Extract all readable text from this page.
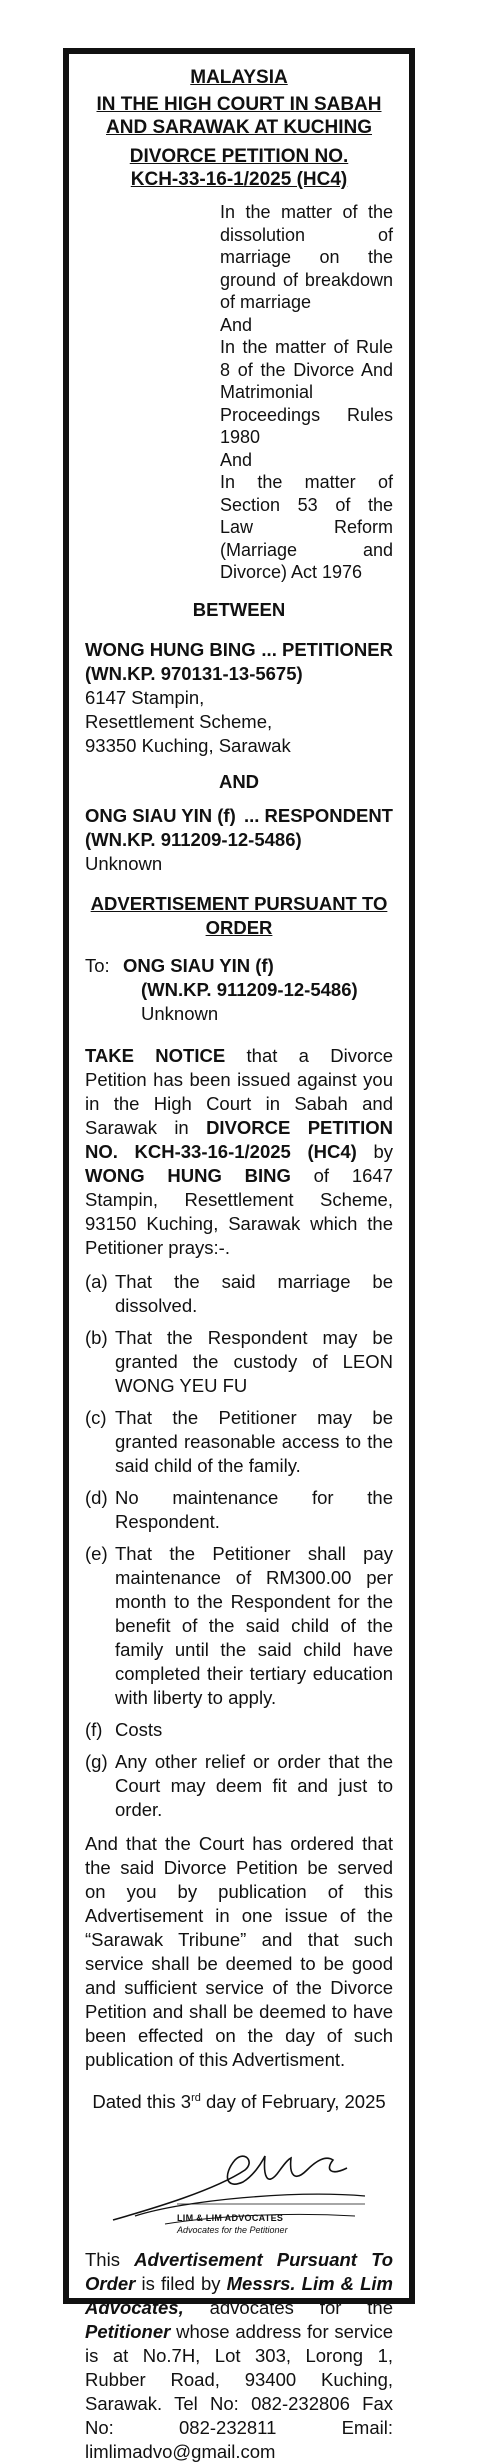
MALAYSIA
IN THE HIGH COURT IN SABAH
AND SARAWAK AT KUCHING
DIVORCE PETITION NO.
KCH-33-16-1/2025 (HC4)
In the matter of the dissolution of marriage on the ground of breakdown of marriage
And
In the matter of Rule 8 of the Divorce And Matrimonial Proceedings Rules 1980
And
In the matter of Section 53 of the Law Reform (Marriage and Divorce) Act 1976
BETWEEN
WONG HUNG BING ... PETITIONER
(WN.KP. 970131-13-5675)
6147 Stampin,
Resettlement Scheme,
93350 Kuching, Sarawak
AND
ONG SIAU YIN (f) ... RESPONDENT
(WN.KP. 911209-12-5486)
Unknown
ADVERTISEMENT PURSUANT TO ORDER
To: ONG SIAU YIN (f)
(WN.KP. 911209-12-5486)
Unknown
TAKE NOTICE that a Divorce Petition has been issued against you in the High Court in Sabah and Sarawak in DIVORCE PETITION NO. KCH-33-16-1/2025 (HC4) by WONG HUNG BING of 1647 Stampin, Resettlement Scheme, 93150 Kuching, Sarawak which the Petitioner prays:-.
(a) That the said marriage be dissolved.
(b) That the Respondent may be granted the custody of LEON WONG YEU FU
(c) That the Petitioner may be granted reasonable access to the said child of the family.
(d) No maintenance for the Respondent.
(e) That the Petitioner shall pay maintenance of RM300.00 per month to the Respondent for the benefit of the said child of the family until the said child have completed their tertiary education with liberty to apply.
(f) Costs
(g) Any other relief or order that the Court may deem fit and just to order.
And that the Court has ordered that the said Divorce Petition be served on you by publication of this Advertisement in one issue of the “Sarawak Tribune” and that such service shall be deemed to be good and sufficient service of the Divorce Petition and shall be deemed to have been effected on the day of such publication of this Advertisment.
Dated this 3rd day of February, 2025
LIM & LIM ADVOCATES
Advocates for the Petitioner
This Advertisement Pursuant To Order is filed by Messrs. Lim & Lim Advocates, advocates for the Petitioner whose address for service is at No.7H, Lot 303, Lorong 1, Rubber Road, 93400 Kuching, Sarawak. Tel No: 082-232806 Fax No: 082-232811 Email: limlimadvo@gmail.com
